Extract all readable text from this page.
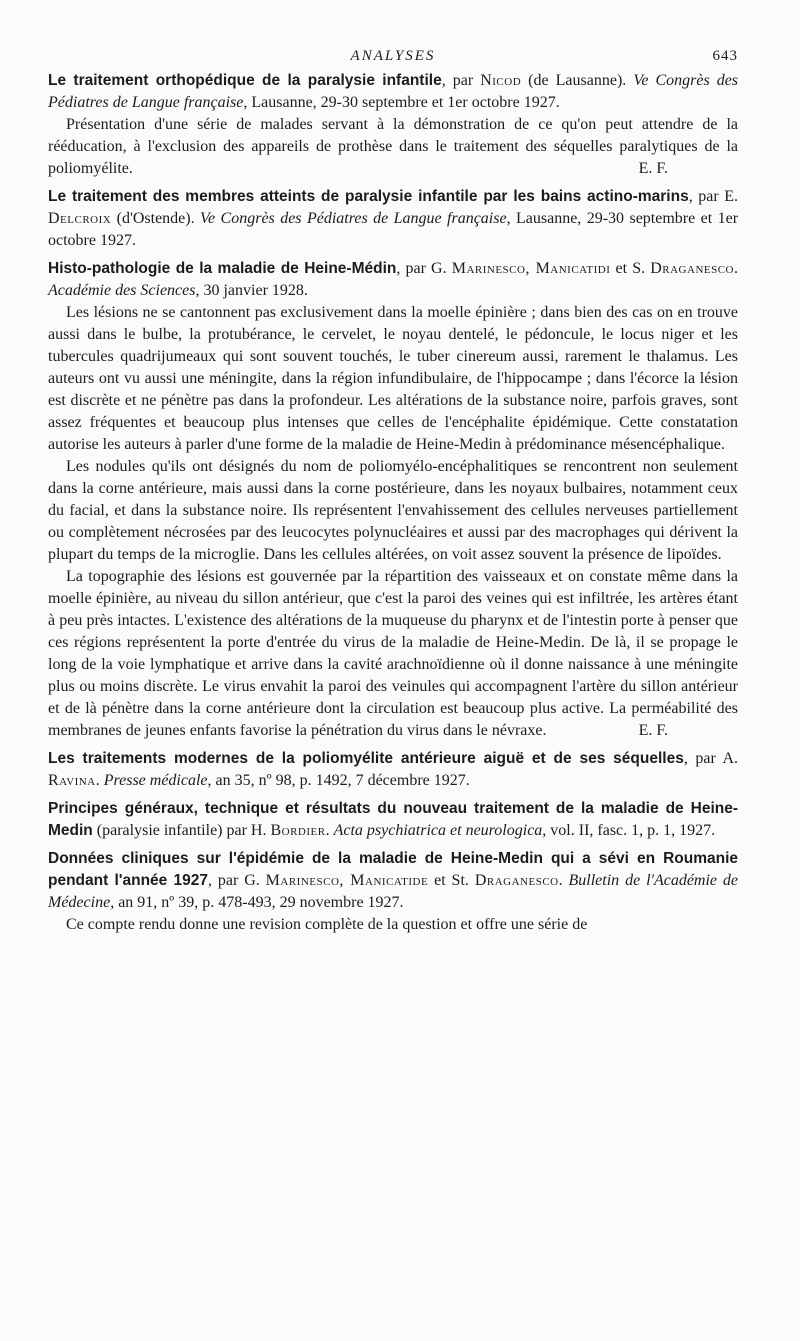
ANALYSES	643

Le traitement orthopédique de la paralysie infantile, par Nicod (de Lausanne). Ve Congrès des Pédiatres de Langue française, Lausanne, 29-30 septembre et 1er octobre 1927.

Présentation d'une série de malades servant à la démonstration de ce qu'on peut attendre de la rééducation, à l'exclusion des appareils de prothèse dans le traitement des séquelles paralytiques de la poliomyélite.	E. F.

Le traitement des membres atteints de paralysie infantile par les bains actino-marins, par E. Delcroix (d'Ostende). Ve Congrès des Pédiatres de Langue française, Lausanne, 29-30 septembre et 1er octobre 1927.

Histo-pathologie de la maladie de Heine-Médin, par G. Marinesco, Manicatidi et S. Draganesco. Académie des Sciences, 30 janvier 1928.

Les lésions ne se cantonnent pas exclusivement dans la moelle épinière ; dans bien des cas on en trouve aussi dans le bulbe, la protubérance, le cervelet, le noyau dentelé, le pédoncule, le locus niger et les tubercules quadrijumeaux qui sont souvent touchés, le tuber cinereum aussi, rarement le thalamus. Les auteurs ont vu aussi une méningite, dans la région infundibulaire, de l'hippocampe ; dans l'écorce la lésion est discrète et ne pénètre pas dans la profondeur. Les altérations de la substance noire, parfois graves, sont assez fréquentes et beaucoup plus intenses que celles de l'encéphalite épidémique. Cette constatation autorise les auteurs à parler d'une forme de la maladie de Heine-Medin à prédominance mésencéphalique.

Les nodules qu'ils ont désignés du nom de poliomyélo-encéphalitiques se rencontrent non seulement dans la corne antérieure, mais aussi dans la corne postérieure, dans les noyaux bulbaires, notamment ceux du facial, et dans la substance noire. Ils représentent l'envahissement des cellules nerveuses partiellement ou complètement nécrosées par des leucocytes polynucléaires et aussi par des macrophages qui dérivent la plupart du temps de la microglie. Dans les cellules altérées, on voit assez souvent la présence de lipoïdes.

La topographie des lésions est gouvernée par la répartition des vaisseaux et on constate même dans la moelle épinière, au niveau du sillon antérieur, que c'est la paroi des veines qui est infiltrée, les artères étant à peu près intactes. L'existence des altérations de la muqueuse du pharynx et de l'intestin porte à penser que ces régions représentent la porte d'entrée du virus de la maladie de Heine-Medin. De là, il se propage le long de la voie lymphatique et arrive dans la cavité arachnoïdienne où il donne naissance à une méningite plus ou moins discrète. Le virus envahit la paroi des veinules qui accompagnent l'artère du sillon antérieur et de là pénètre dans la corne antérieure dont la circulation est beaucoup plus active. La perméabilité des membranes de jeunes enfants favorise la pénétration du virus dans le névraxe.	E. F.

Les traitements modernes de la poliomyélite antérieure aiguë et de ses séquelles, par A. Ravina. Presse médicale, an 35, nº 98, p. 1492, 7 décembre 1927.

Principes généraux, technique et résultats du nouveau traitement de la maladie de Heine-Medin (paralysie infantile) par H. Bordier. Acta psychiatrica et neurologica, vol. II, fasc. 1, p. 1, 1927.

Données cliniques sur l'épidémie de la maladie de Heine-Medin qui a sévi en Roumanie pendant l'année 1927, par G. Marinesco, Manicatide et St. Draganesco. Bulletin de l'Académie de Médecine, an 91, nº 39, p. 478-493, 29 novembre 1927.

Ce compte rendu donne une revision complète de la question et offre une série de
